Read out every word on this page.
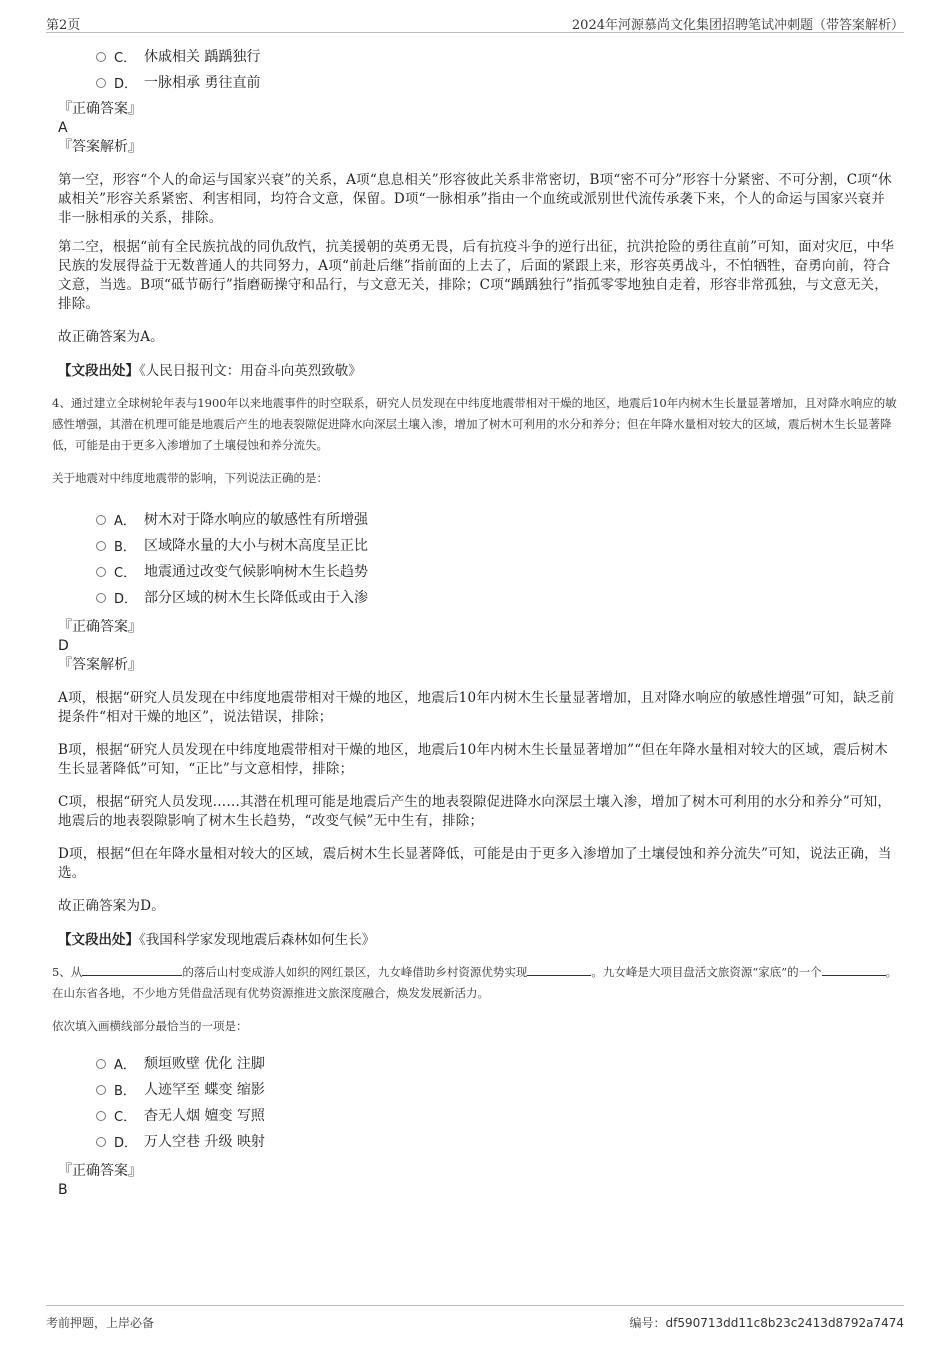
第2页	2024年河源慕尚文化集团招聘笔试冲刺题（带答案解析）
C． 休戚相关 踽踽独行
D． 一脉相承 勇往直前
『正确答案』
A
『答案解析』

第一空，形容“个人的命运与国家兴衰”的关系，A项“息息相关”形容彼此关系非常密切，B项“密不可分”形容十分紧密、不可分割，C项“休戚相关”形容关系紧密、利害相同，均符合文意，保留。D项“一脉相承”指由一个血统或派别世代流传承袭下来，个人的命运与国家兴衰并非一脉相承的关系，排除。

第二空，根据“前有全民族抗战的同仇敌忾，抗美援朝的英勇无畏，后有抗疫斗争的逆行出征，抗洪抢险的勇往直前”可知，面对灾厄，中华民族的发展得益于无数普通人的共同努力，A项“前赴后继”指前面的上去了，后面的紧跟上来，形容英勇战斗，不怕牺牲，奋勇向前，符合文意，当选。B项“砥节砺行”指磨砺操守和品行，与文意无关，排除；C项“踽踽独行”指孤零零地独自走着，形容非常孤独，与文意无关，排除。

故正确答案为A。

【文段出处】《人民日报刊文：用奋斗向英烈致敬》

4、通过建立全球树轮年表与1900年以来地震事件的时空联系，研究人员发现在中纬度地震带相对干燥的地区，地震后10年内树木生长量显著增加，且对降水响应的敏感性增强，其潜在机理可能是地震后产生的地表裂隙促进降水向深层土壤入渗，增加了树木可利用的水分和养分；但在年降水量相对较大的区域，震后树木生长显著降低，可能是由于更多入渗增加了土壤侵蚀和养分流失。

关于地震对中纬度地震带的影响，下列说法正确的是：

A． 树木对于降水响应的敏感性有所增强
B． 区域降水量的大小与树木高度呈正比
C． 地震通过改变气候影响树木生长趋势
D． 部分区域的树木生长降低或由于入渗
『正确答案』
D
『答案解析』

A项，根据“研究人员发现在中纬度地震带相对干燥的地区，地震后10年内树木生长量显著增加，且对降水响应的敏感性增强”可知，缺乏前提条件“相对干燥的地区”，说法错误，排除；

B项，根据“研究人员发现在中纬度地震带相对干燥的地区，地震后10年内树木生长量显著增加”“但在年降水量相对较大的区域，震后树木生长显著降低”可知，“正比”与文意相悖，排除；

C项，根据“研究人员发现……其潜在机理可能是地震后产生的地表裂隙促进降水向深层土壤入渗，增加了树木可利用的水分和养分”可知，地震后的地表裂隙影响了树木生长趋势，“改变气候”无中生有，排除；

D项，根据“但在年降水量相对较大的区域，震后树木生长显著降低，可能是由于更多入渗增加了土壤侵蚀和养分流失”可知，说法正确，当选。

故正确答案为D。

【文段出处】《我国科学家发现地震后森林如何生长》

5、从	的落后山村变成游人如织的网红景区，九女峰借助乡村资源优势实现	。九女峰是大项目盘活文旅资源“家底”的一个	。在山东省各地，不少地方凭借盘活现有优势资源推进文旅深度融合，焕发发展新活力。

依次填入画横线部分最恰当的一项是：

A． 颓垣败壁 优化 注脚
B． 人迹罕至 蝶变 缩影
C． 杳无人烟 嬗变 写照
D． 万人空巷 升级 映射
『正确答案』
B
考前押题，上岸必备	编号：df590713dd11c8b23c2413d8792a7474
